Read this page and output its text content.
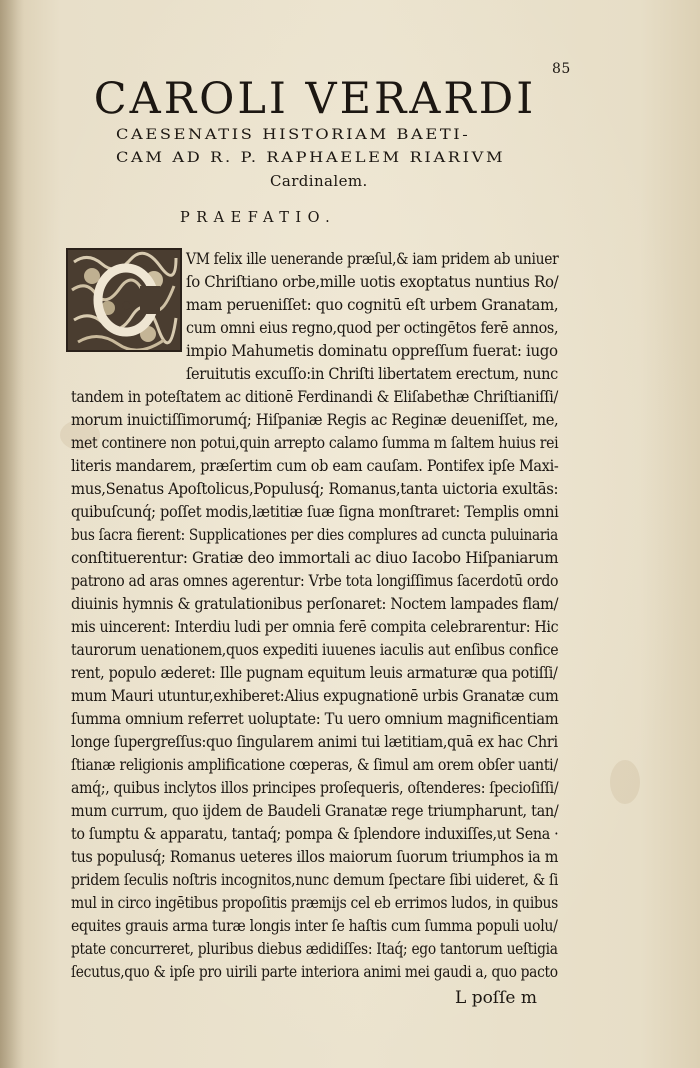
85
CAROLI VERARDI
CAESENATIS HISTORIAM BAETI-
CAM AD R. P. RAPHAELEM RIARIVM
Cardinalem.
PRAEFATIO.
C
VM felix ille uenerande præſul,& iam pridem ab uniuer
ſo Chriſtiano orbe,mille uotis exoptatus nuntius Ro/
mam perueniſſet: quo cognitū eſt urbem Granatam,
cum omni eius regno,quod per octingētos ferē annos,
impio Mahumetis dominatu oppreſſum fuerat: iugo
ſeruitutis excuſſo:in Chriſti libertatem erectum, nunc
tandem in poteſtatem ac ditionē Ferdinandi & Eliſabethæ Chriſtianiſſi/
morum inuictiſſimorumq́; Hiſpaniæ Regis ac Reginæ deueniſſet, me,
met continere non potui,quin arrepto calamo ſumma m ſaltem huius rei
literis mandarem, præſertim cum ob eam cauſam. Pontifex ipſe Maxi-
mus,Senatus Apoſtolicus,Populusq́; Romanus,tanta uictoria exultās:
quibuſcunq́; poſſet modis,lætitiæ ſuæ ſigna monſtraret: Templis omni
bus ſacra fierent: Supplicationes per dies complures ad cuncta puluinaria
conſtituerentur: Gratiæ deo immortali ac diuo Iacobo Hiſpaniarum
patrono ad aras omnes agerentur: Vrbe tota longiſſimus ſacerdotū ordo
diuinis hymnis & gratulationibus perſonaret: Noctem lampades flam/
mis uincerent: Interdiu ludi per omnia ferē compita celebrarentur: Hic
taurorum uenationem,quos expediti iuuenes iaculis aut enſibus confice
rent, populo æderet: Ille pugnam equitum leuis armaturæ qua potiſſi/
mum Mauri utuntur,exhiberet:Alius expugnationē urbis Granatæ cum
ſumma omnium referret uoluptate: Tu uero omnium magnificentiam
longe ſupergreſſus:quo ſingularem animi tui lætitiam,quā ex hac Chri
ſtianæ religionis amplificatione cœperas, & ſimul am orem obſer uanti/
amq́;, quibus inclytos illos principes proſequeris, oſtenderes: ſpecioſiſſi/
mum currum, quo ijdem de Baudeli Granatæ rege triumpharunt, tan/
to ſumptu & apparatu, tantaq́; pompa & ſplendore induxiſſes,ut Sena ·
tus populusq́; Romanus ueteres illos maiorum ſuorum triumphos ia m
pridem ſeculis noſtris incognitos,nunc demum ſpectare ſibi uideret, & ſi
mul in circo ingētibus propoſitis præmijs cel eb errimos ludos, in quibus
equites grauis arma turæ longis inter ſe haſtis cum ſumma populi uolu/
ptate concurreret, pluribus diebus ædidiſſes: Itaq́; ego tantorum ueſtigia
ſecutus,quo & ipſe pro uirili parte interiora animi mei gaudi a, quo pacto
L poſſe m
